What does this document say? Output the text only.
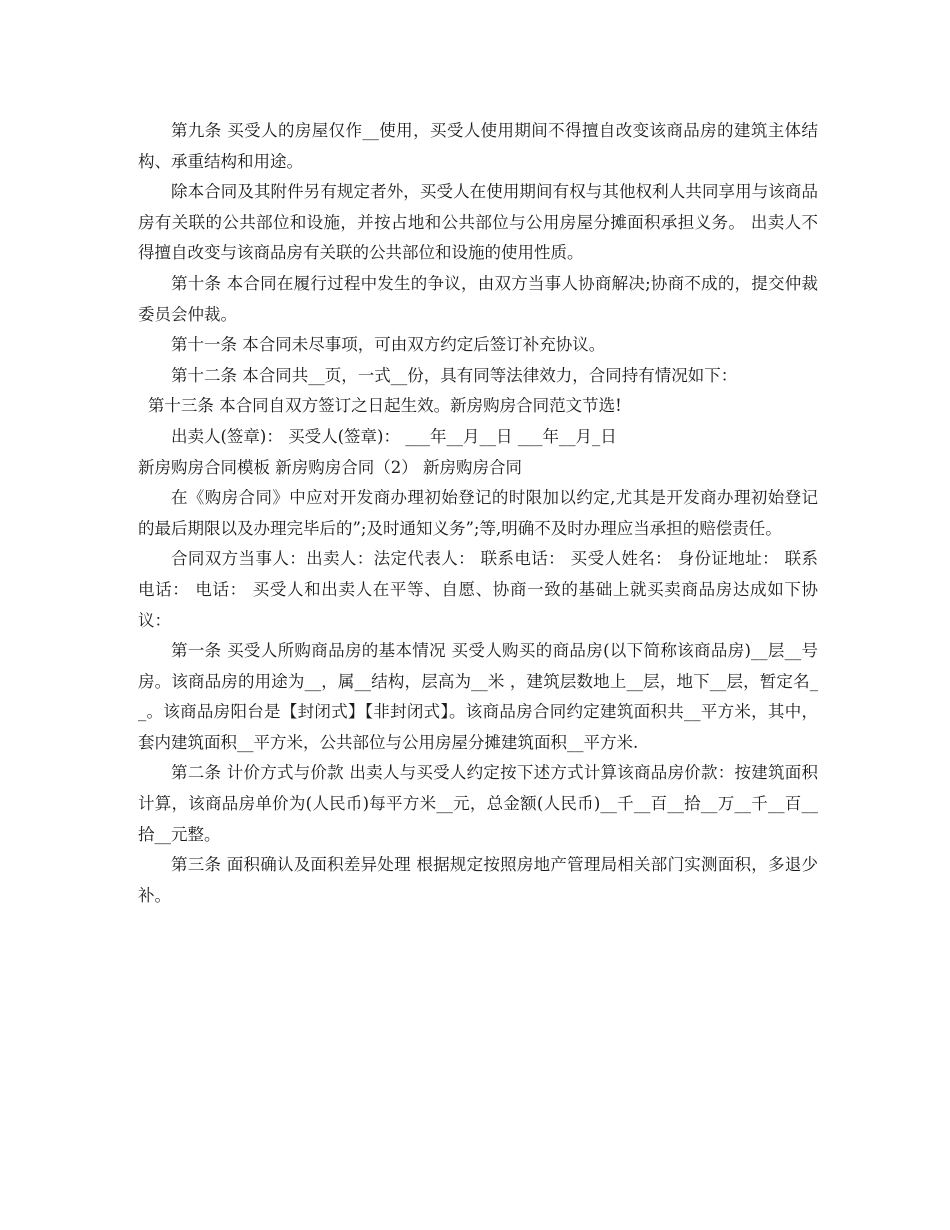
第九条 买受人的房屋仅作__使用，买受人使用期间不得擅自改变该商品房的建筑主体结构、承重结构和用途。

除本合同及其附件另有规定者外，买受人在使用期间有权与其他权利人共同享用与该商品房有关联的公共部位和设施，并按占地和公共部位与公用房屋分摊面积承担义务。 出卖人不得擅自改变与该商品房有关联的公共部位和设施的使用性质。

第十条 本合同在履行过程中发生的争议，由双方当事人协商解决;协商不成的，提交仲裁委员会仲裁。

第十一条 本合同未尽事项，可由双方约定后签订补充协议。

第十二条 本合同共__页，一式__份，具有同等法律效力，合同持有情况如下：

第十三条 本合同自双方签订之日起生效。新房购房合同范文节选!

出卖人(签章)： 买受人(签章)： ___年__月__日 ___年__月_日

新房购房合同模板 新房购房合同（2） 新房购房合同

在《购房合同》中应对开发商办理初始登记的时限加以约定,尤其是开发商办理初始登记的最后期限以及办理完毕后的”;及时通知义务”;等,明确不及时办理应当承担的赔偿责任。

合同双方当事人：出卖人：法定代表人： 联系电话： 买受人姓名： 身份证地址： 联系电话： 电话： 买受人和出卖人在平等、自愿、协商一致的基础上就买卖商品房达成如下协议：

第一条 买受人所购商品房的基本情况 买受人购买的商品房(以下简称该商品房)__层__号房。该商品房的用途为__，属__结构，层高为__米 ，建筑层数地上__层，地下__层，暂定名__。该商品房阳台是【封闭式】【非封闭式】。该商品房合同约定建筑面积共__平方米，其中，套内建筑面积__平方米，公共部位与公用房屋分摊建筑面积__平方米.

第二条 计价方式与价款 出卖人与买受人约定按下述方式计算该商品房价款：按建筑面积计算，该商品房单价为(人民币)每平方米__元，总金额(人民币)__千__百__拾__万__千__百__拾__元整。

第三条 面积确认及面积差异处理 根据规定按照房地产管理局相关部门实测面积，多退少补。
